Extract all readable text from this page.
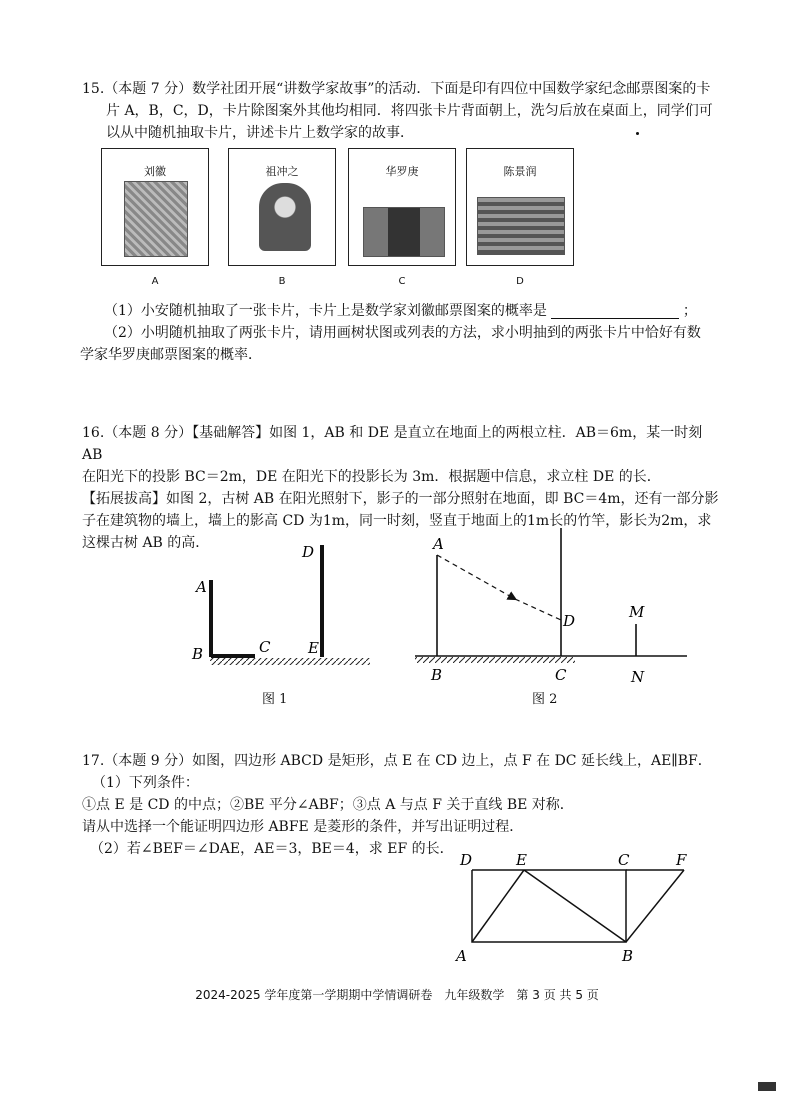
15.（本题 7 分）数学社团开展“讲数学家故事”的活动．下面是印有四位中国数学家纪念邮票图案的卡

片 A，B，C，D，卡片除图案外其他均相同．将四张卡片背面朝上，洗匀后放在桌面上，同学们可

以从中随机抽取卡片，讲述卡片上数学家的故事．

刘徽
A
祖冲之
B
华罗庚
C
陈景润
D

（1）小安随机抽取了一张卡片，卡片上是数学家刘徽邮票图案的概率是	；

（2）小明随机抽取了两张卡片，请用画树状图或列表的方法，求小明抽到的两张卡片中恰好有数

学家华罗庚邮票图案的概率．

16.（本题 8 分）【基础解答】如图 1，AB 和 DE 是直立在地面上的两根立柱．AB＝6m，某一时刻 AB

在阳光下的投影 BC＝2m，DE 在阳光下的投影长为 3m．根据题中信息，求立柱 DE 的长．

【拓展拔高】如图 2，古树 AB 在阳光照射下，影子的一部分照射在地面，即 BC＝4m，还有一部分影

子在建筑物的墙上，墙上的影高 CD 为1m，同一时刻，竖直于地面上的1m长的竹竿，影长为2m，求

这棵古树 AB 的高．

A
B	C
D
E
图 1
A
B	C
D	M
N
图 2

17.（本题 9 分）如图，四边形 ABCD 是矩形，点 E 在 CD 边上，点 F 在 DC 延长线上，AE∥BF．

（1）下列条件：

①点 E 是 CD 的中点；②BE 平分∠ABF；③点 A 与点 F 关于直线 BE 对称．

请从中选择一个能证明四边形 ABFE 是菱形的条件，并写出证明过程．

（2）若∠BEF＝∠DAE，AE＝3，BE＝4，求 EF 的长．

D	E	C	F
A	B
2024-2025 学年度第一学期期中学情调研卷　九年级数学　第 3 页 共 5 页
